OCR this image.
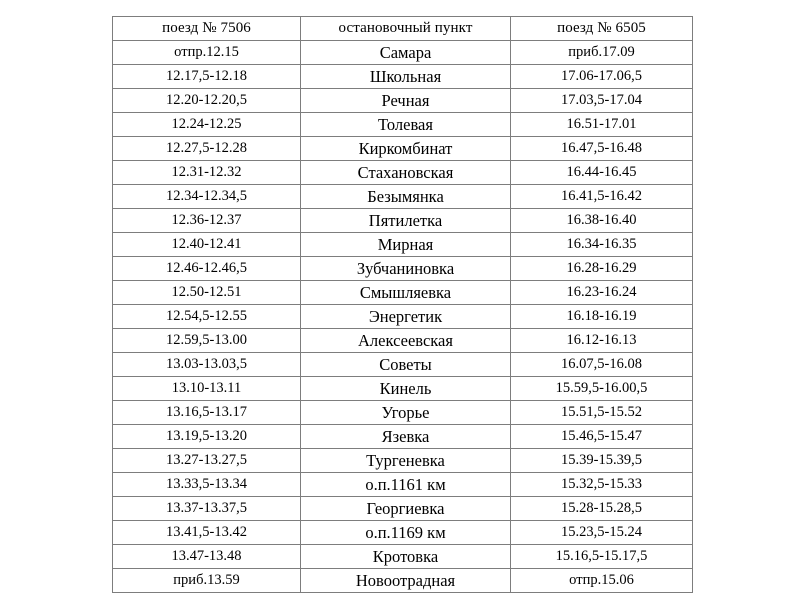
поезд № 7506	остановочный пункт	поезд № 6505
отпр.12.15	Самара	приб.17.09
12.17,5-12.18	Школьная	17.06-17.06,5
12.20-12.20,5	Речная	17.03,5-17.04
12.24-12.25	Толевая	16.51-17.01
12.27,5-12.28	Киркомбинат	16.47,5-16.48
12.31-12.32	Стахановская	16.44-16.45
12.34-12.34,5	Безымянка	16.41,5-16.42
12.36-12.37	Пятилетка	16.38-16.40
12.40-12.41	Мирная	16.34-16.35
12.46-12.46,5	Зубчаниновка	16.28-16.29
12.50-12.51	Смышляевка	16.23-16.24
12.54,5-12.55	Энергетик	16.18-16.19
12.59,5-13.00	Алексеевская	16.12-16.13
13.03-13.03,5	Советы	16.07,5-16.08
13.10-13.11	Кинель	15.59,5-16.00,5
13.16,5-13.17	Угорье	15.51,5-15.52
13.19,5-13.20	Язевка	15.46,5-15.47
13.27-13.27,5	Тургеневка	15.39-15.39,5
13.33,5-13.34	о.п.1161 км	15.32,5-15.33
13.37-13.37,5	Георгиевка	15.28-15.28,5
13.41,5-13.42	о.п.1169 км	15.23,5-15.24
13.47-13.48	Кротовка	15.16,5-15.17,5
приб.13.59	Новоотрадная	отпр.15.06
